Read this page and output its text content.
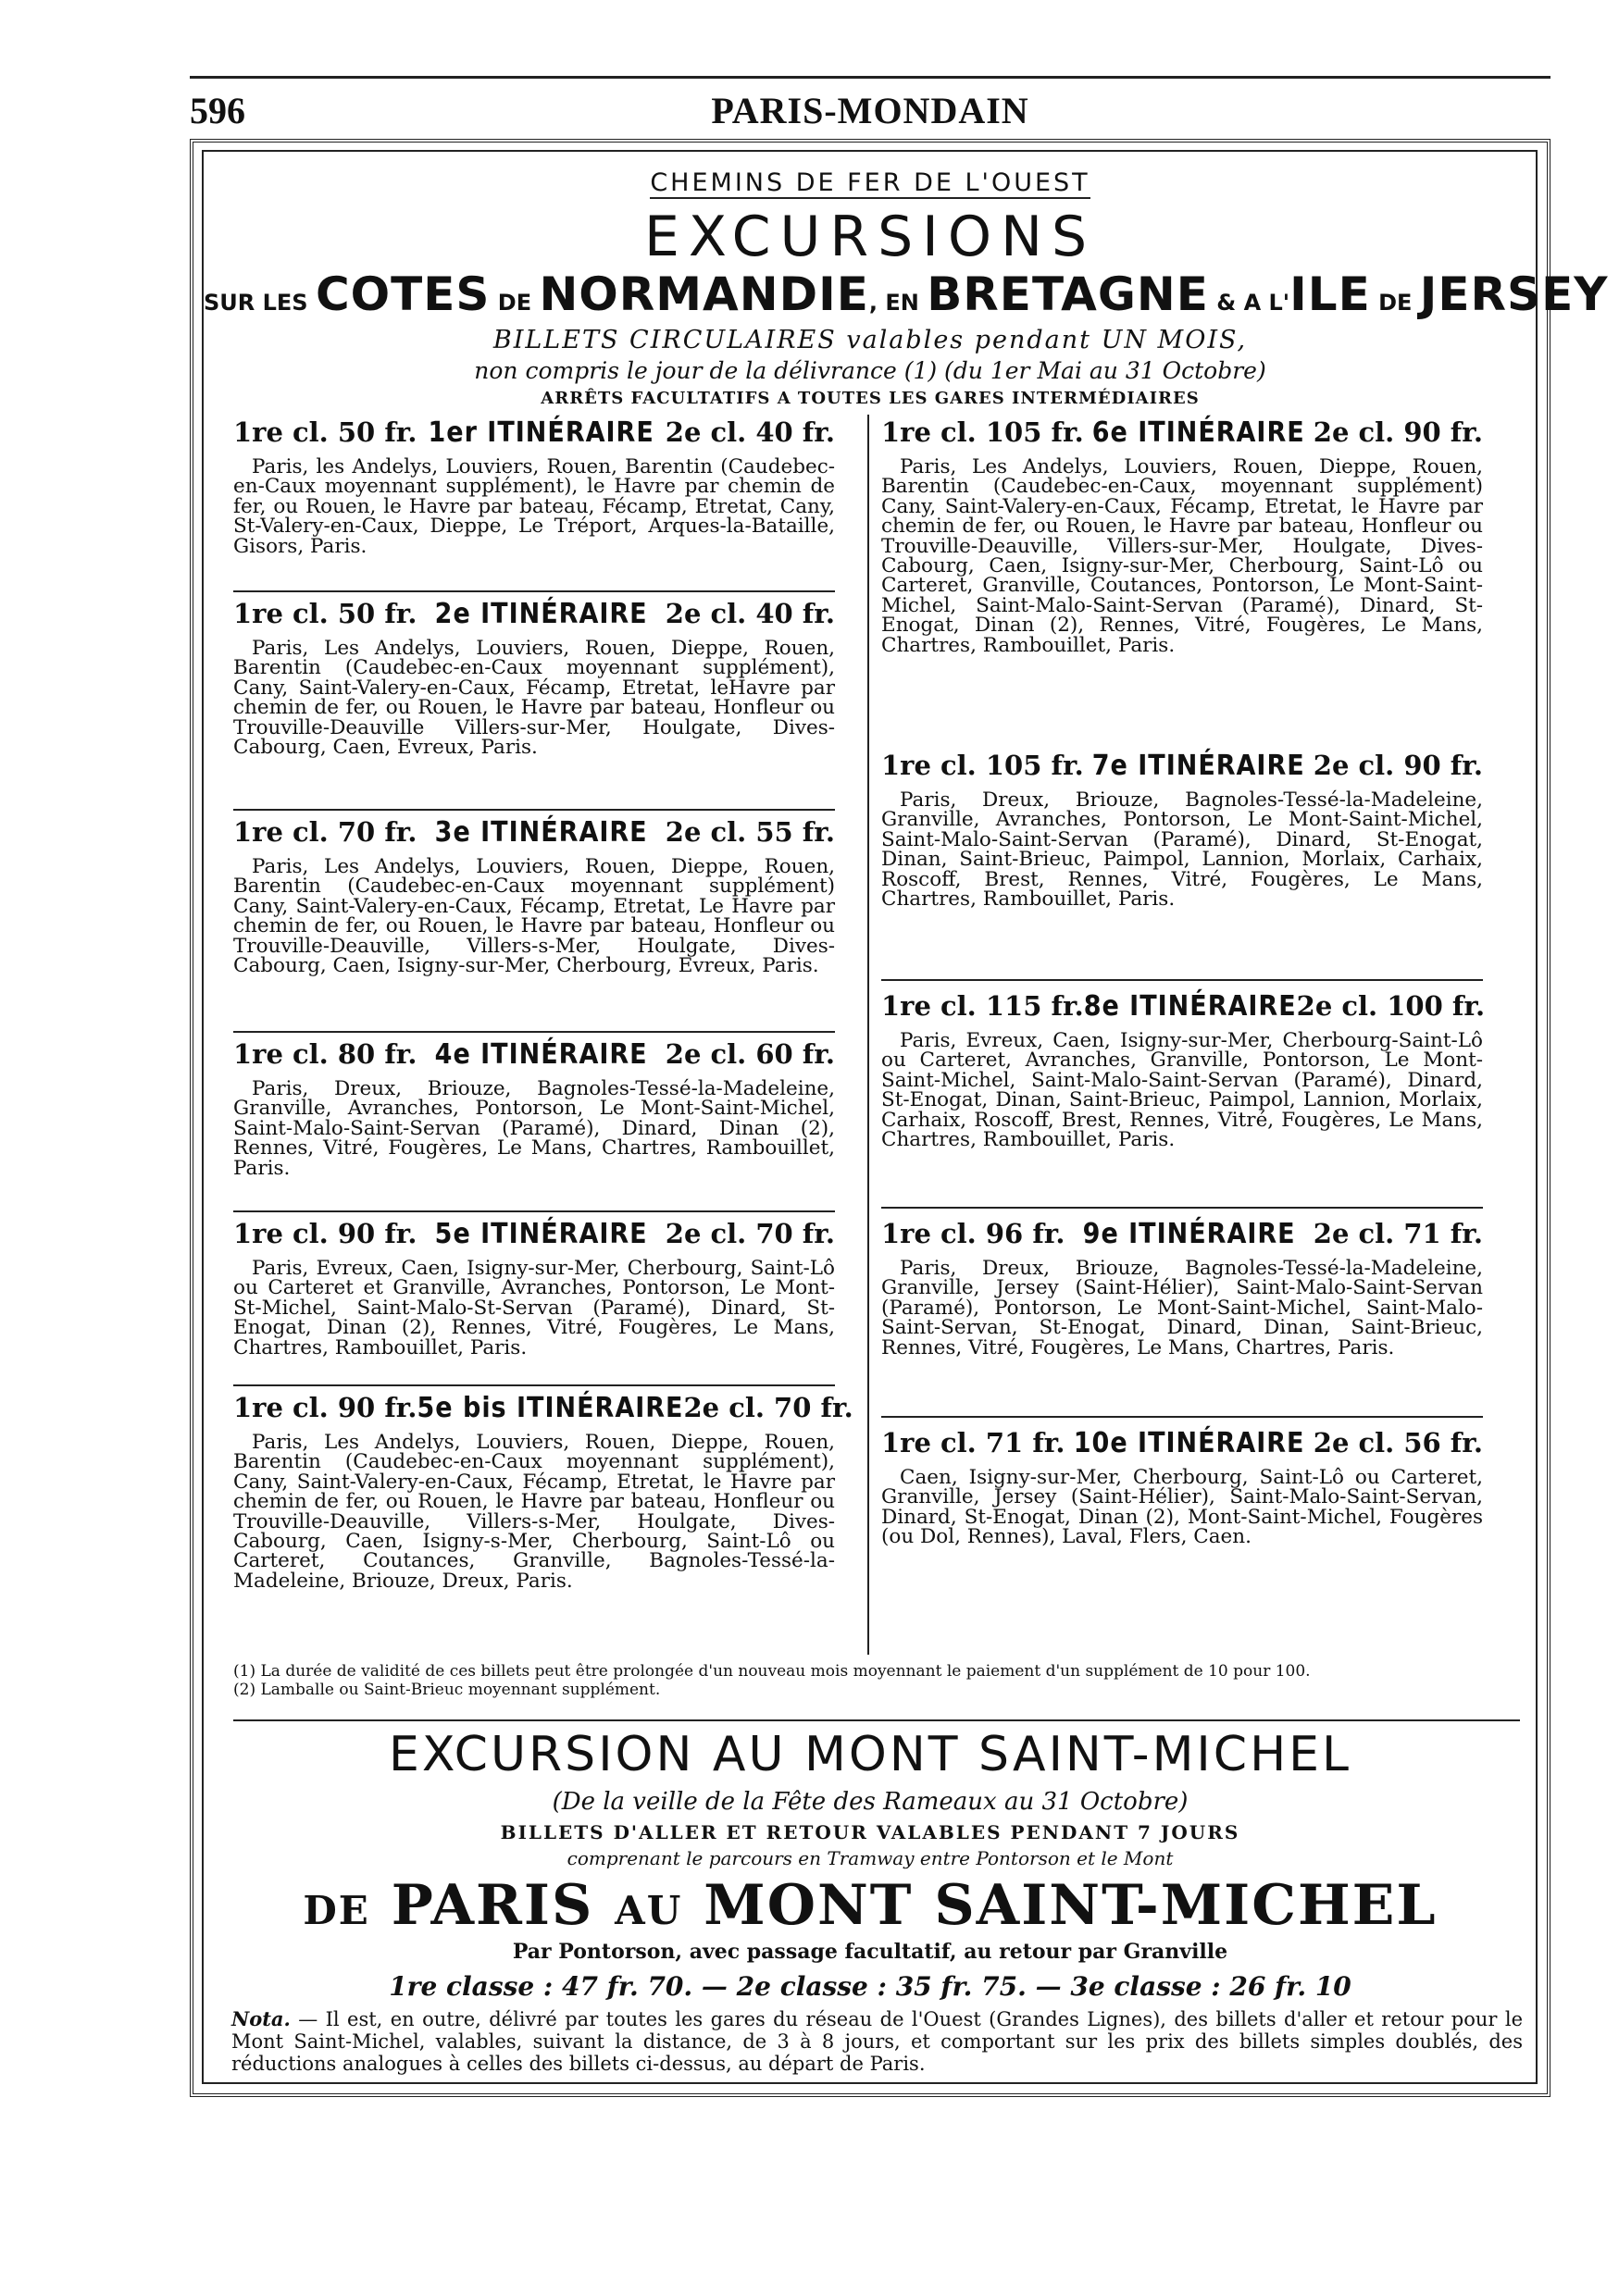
596	PARIS-MONDAIN
CHEMINS DE FER DE L'OUEST
EXCURSIONS
SUR LES COTES DE NORMANDIE, EN BRETAGNE & A L'ILE DE JERSEY
BILLETS CIRCULAIRES valables pendant UN MOIS,
non compris le jour de la délivrance (1) (du 1er Mai au 31 Octobre)
ARRÊTS FACULTATIFS A TOUTES LES GARES INTERMÉDIAIRES
1re cl. 50 fr. 1er ITINÉRAIRE 2e cl. 40 fr.
Paris, les Andelys, Louviers, Rouen, Barentin (Caudebec-en-Caux moyennant supplément), le Havre par chemin de fer, ou Rouen, le Havre par bateau, Fécamp, Etretat, Cany, St-Valery-en-Caux, Dieppe, Le Tréport, Arques-la-Bataille, Gisors, Paris.
1re cl. 50 fr. 2e ITINÉRAIRE 2e cl. 40 fr.
Paris, Les Andelys, Louviers, Rouen, Dieppe, Rouen, Barentin (Caudebec-en-Caux moyennant supplément), Cany, Saint-Valery-en-Caux, Fécamp, Etretat, leHavre par chemin de fer, ou Rouen, le Havre par bateau, Honfleur ou Trouville-Deauville Villers-sur-Mer, Houlgate, Dives-Cabourg, Caen, Evreux, Paris.
1re cl. 70 fr. 3e ITINÉRAIRE 2e cl. 55 fr.
Paris, Les Andelys, Louviers, Rouen, Dieppe, Rouen, Barentin (Caudebec-en-Caux moyennant supplément) Cany, Saint-Valery-en-Caux, Fécamp, Etretat, Le Havre par chemin de fer, ou Rouen, le Havre par bateau, Honfleur ou Trouville-Deauville, Villers-s-Mer, Houlgate, Dives-Cabourg, Caen, Isigny-sur-Mer, Cherbourg, Evreux, Paris.
1re cl. 80 fr. 4e ITINÉRAIRE 2e cl. 60 fr.
Paris, Dreux, Briouze, Bagnoles-Tessé-la-Madeleine, Granville, Avranches, Pontorson, Le Mont-Saint-Michel, Saint-Malo-Saint-Servan (Paramé), Dinard, Dinan (2), Rennes, Vitré, Fougères, Le Mans, Chartres, Rambouillet, Paris.
1re cl. 90 fr. 5e ITINÉRAIRE 2e cl. 70 fr.
Paris, Evreux, Caen, Isigny-sur-Mer, Cherbourg, Saint-Lô ou Carteret et Granville, Avranches, Pontorson, Le Mont-St-Michel, Saint-Malo-St-Servan (Paramé), Dinard, St-Enogat, Dinan (2), Rennes, Vitré, Fougères, Le Mans, Chartres, Rambouillet, Paris.
1re cl. 90 fr. 5e bis ITINÉRAIRE 2e cl. 70 fr.
Paris, Les Andelys, Louviers, Rouen, Dieppe, Rouen, Barentin (Caudebec-en-Caux moyennant supplément), Cany, Saint-Valery-en-Caux, Fécamp, Etretat, le Havre par chemin de fer, ou Rouen, le Havre par bateau, Honfleur ou Trouville-Deauville, Villers-s-Mer, Houlgate, Dives-Cabourg, Caen, Isigny-s-Mer, Cherbourg, Saint-Lô ou Carteret, Coutances, Granville, Bagnoles-Tessé-la-Madeleine, Briouze, Dreux, Paris.
1re cl. 105 fr. 6e ITINÉRAIRE 2e cl. 90 fr.
Paris, Les Andelys, Louviers, Rouen, Dieppe, Rouen, Barentin (Caudebec-en-Caux, moyennant supplément) Cany, Saint-Valery-en-Caux, Fécamp, Etretat, le Havre par chemin de fer, ou Rouen, le Havre par bateau, Honfleur ou Trouville-Deauville, Villers-sur-Mer, Houlgate, Dives-Cabourg, Caen, Isigny-sur-Mer, Cherbourg, Saint-Lô ou Carteret, Granville, Coutances, Pontorson, Le Mont-Saint-Michel, Saint-Malo-Saint-Servan (Paramé), Dinard, St-Enogat, Dinan (2), Rennes, Vitré, Fougères, Le Mans, Chartres, Rambouillet, Paris.
1re cl. 105 fr. 7e ITINÉRAIRE 2e cl. 90 fr.
Paris, Dreux, Briouze, Bagnoles-Tessé-la-Madeleine, Granville, Avranches, Pontorson, Le Mont-Saint-Michel, Saint-Malo-Saint-Servan (Paramé), Dinard, St-Enogat, Dinan, Saint-Brieuc, Paimpol, Lannion, Morlaix, Carhaix, Roscoff, Brest, Rennes, Vitré, Fougères, Le Mans, Chartres, Rambouillet, Paris.
1re cl. 115 fr. 8e ITINÉRAIRE 2e cl. 100 fr.
Paris, Evreux, Caen, Isigny-sur-Mer, Cherbourg-Saint-Lô ou Carteret, Avranches, Granville, Pontorson, Le Mont-Saint-Michel, Saint-Malo-Saint-Servan (Paramé), Dinard, St-Enogat, Dinan, Saint-Brieuc, Paimpol, Lannion, Morlaix, Carhaix, Roscoff, Brest, Rennes, Vitré, Fougères, Le Mans, Chartres, Rambouillet, Paris.
1re cl. 96 fr. 9e ITINÉRAIRE 2e cl. 71 fr.
Paris, Dreux, Briouze, Bagnoles-Tessé-la-Madeleine, Granville, Jersey (Saint-Hélier), Saint-Malo-Saint-Servan (Paramé), Pontorson, Le Mont-Saint-Michel, Saint-Malo-Saint-Servan, St-Enogat, Dinard, Dinan, Saint-Brieuc, Rennes, Vitré, Fougères, Le Mans, Chartres, Paris.
1re cl. 71 fr. 10e ITINÉRAIRE 2e cl. 56 fr.
Caen, Isigny-sur-Mer, Cherbourg, Saint-Lô ou Carteret, Granville, Jersey (Saint-Hélier), Saint-Malo-Saint-Servan, Dinard, St-Enogat, Dinan (2), Mont-Saint-Michel, Fougères (ou Dol, Rennes), Laval, Flers, Caen.
(1) La durée de validité de ces billets peut être prolongée d'un nouveau mois moyennant le paiement d'un supplément de 10 pour 100.
(2) Lamballe ou Saint-Brieuc moyennant supplément.
EXCURSION AU MONT SAINT-MICHEL
(De la veille de la Fête des Rameaux au 31 Octobre)
BILLETS D'ALLER ET RETOUR VALABLES PENDANT 7 JOURS
comprenant le parcours en Tramway entre Pontorson et le Mont
DE PARIS AU MONT SAINT-MICHEL
Par Pontorson, avec passage facultatif, au retour par Granville
1re classe : 47 fr. 70. — 2e classe : 35 fr. 75. — 3e classe : 26 fr. 10
Nota. — Il est, en outre, délivré par toutes les gares du réseau de l'Ouest (Grandes Lignes), des billets d'aller et retour pour le Mont Saint-Michel, valables, suivant la distance, de 3 à 8 jours, et comportant sur les prix des billets simples doublés, des réductions analogues à celles des billets ci-dessus, au départ de Paris.
